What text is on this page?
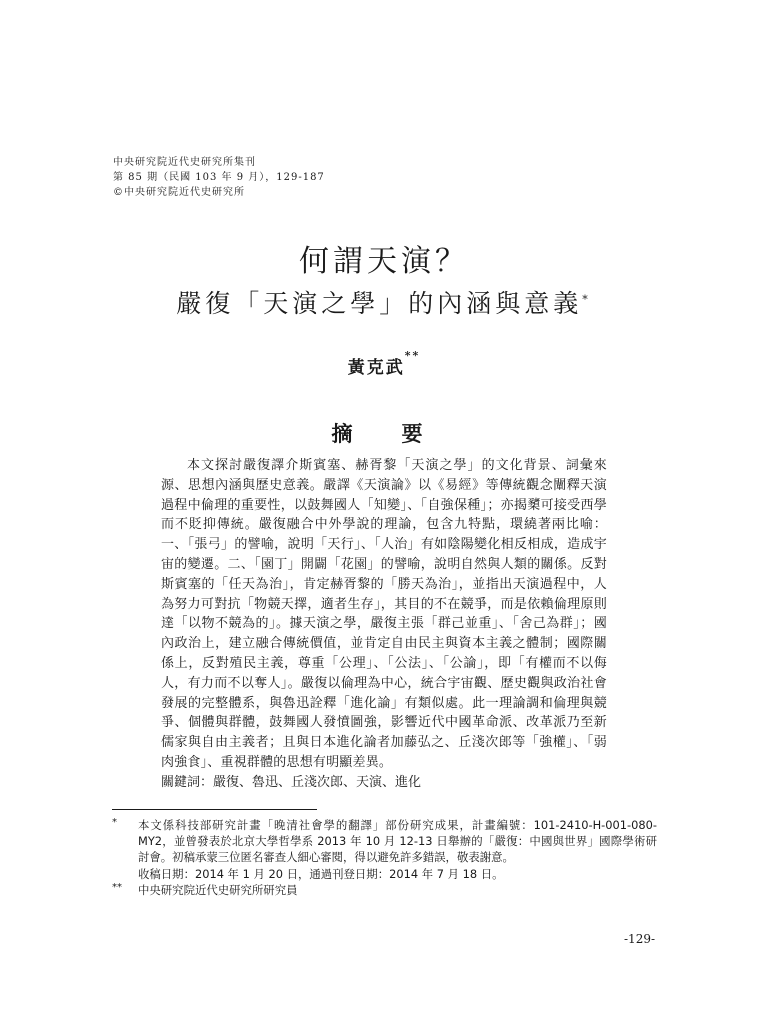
中央研究院近代史研究所集刊
第 85 期（民國 103 年 9 月），129-187
©中央研究院近代史研究所
何謂天演？
嚴復「天演之學」的內涵與意義*
黃克武**
摘　要
本文探討嚴復譯介斯賓塞、赫胥黎「天演之學」的文化背景、詞彙來源、思想內涵與歷史意義。嚴譯《天演論》以《易經》等傳統觀念闡釋天演過程中倫理的重要性，以鼓舞國人「知變」、「自強保種」；亦揭櫫可接受西學而不貶抑傳統。嚴復融合中外學說的理論，包含九特點，環繞著兩比喻：一、「張弓」的譬喻，說明「天行」、「人治」有如陰陽變化相反相成，造成宇宙的變遷。二、「園丁」開闢「花園」的譬喻，說明自然與人類的關係。反對斯賓塞的「任天為治」，肯定赫胥黎的「勝天為治」，並指出天演過程中，人為努力可對抗「物競天擇，適者生存」，其目的不在競爭，而是依賴倫理原則達「以物不競為的」。據天演之學，嚴復主張「群己並重」、「舍己為群」；國內政治上，建立融合傳統價值，並肯定自由民主與資本主義之體制；國際關係上，反對殖民主義，尊重「公理」、「公法」、「公論」，即「有權而不以侮人，有力而不以奪人」。嚴復以倫理為中心，統合宇宙觀、歷史觀與政治社會發展的完整體系，與魯迅詮釋「進化論」有類似處。此一理論調和倫理與競爭、個體與群體，鼓舞國人發憤圖強，影響近代中國革命派、改革派乃至新儒家與自由主義者；且與日本進化論者加藤弘之、丘淺次郎等「強權」、「弱肉強食」、重視群體的思想有明顯差異。
關鍵詞：嚴復、魯迅、丘淺次郎、天演、進化
* 本文係科技部研究計畫「晚清社會學的翻譯」部份研究成果，計畫編號：101-2410-H-001-080-MY2，並曾發表於北京大學哲學系 2013 年 10 月 12-13 日舉辦的「嚴復：中國與世界」國際學術研討會。初稿承蒙三位匿名審查人細心審閱，得以避免許多錯誤，敬表謝意。
收稿日期：2014 年 1 月 20 日，通過刊登日期：2014 年 7 月 18 日。
** 中央研究院近代史研究所研究員
-129-
